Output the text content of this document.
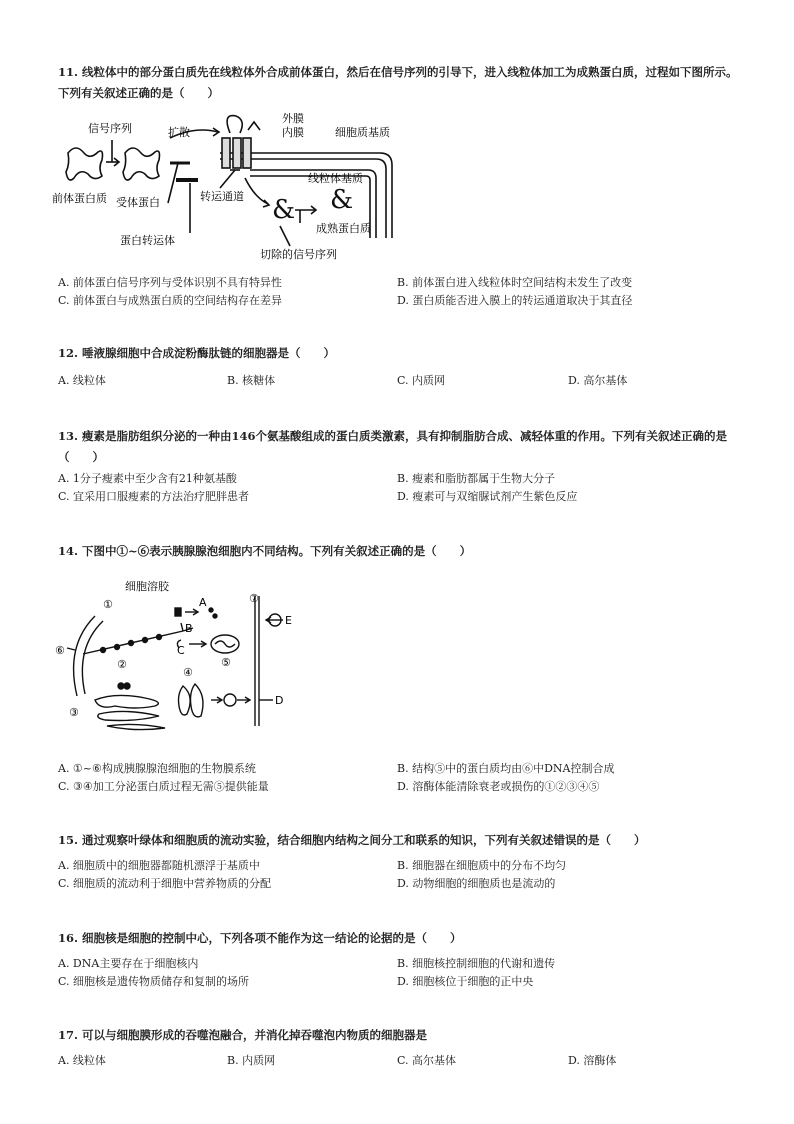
11. 线粒体中的部分蛋白质先在线粒体外合成前体蛋白，然后在信号序列的引导下，进入线粒体加工为成熟蛋白质，过程如下图所示。下列有关叙述正确的是（　　）
& &
信号序列	扩散
外膜
内膜	细胞质基质
前体蛋白质 受体蛋白	转运通道
线粒体基质
成熟蛋白质
蛋白转运体
切除的信号序列
A. 前体蛋白信号序列与受体识别不具有特异性	B. 前体蛋白进入线粒体时空间结构未发生了改变
C. 前体蛋白与成熟蛋白质的空间结构存在差异	D. 蛋白质能否进入膜上的转运通道取决于其直径
12. 唾液腺细胞中合成淀粉酶肽链的细胞器是（　　）
A. 线粒体	B. 核糖体	C. 内质网	D. 高尔基体
13. 瘦素是脂肪组织分泌的一种由146个氨基酸组成的蛋白质类激素，具有抑制脂肪合成、减轻体重的作用。下列有关叙述正确的是（　　）
A. 1分子瘦素中至少含有21种氨基酸	B. 瘦素和脂肪都属于生物大分子
C. 宜采用口服瘦素的方法治疗肥胖患者	D. 瘦素可与双缩脲试剂产生紫色反应
14. 下图中①~⑥表示胰腺腺泡细胞内不同结构。下列有关叙述正确的是（　　）
细胞溶胶
①	A	⑦
E
B
⑥	C
⑤
②
④
D
③
A. ①~⑥构成胰腺腺泡细胞的生物膜系统	B. 结构⑤中的蛋白质均由⑥中DNA控制合成
C. ③④加工分泌蛋白质过程无需⑤提供能量	D. 溶酶体能清除衰老或损伤的①②③④⑤
15. 通过观察叶绿体和细胞质的流动实验，结合细胞内结构之间分工和联系的知识，下列有关叙述错误的是（　　）
A. 细胞质中的细胞器都随机漂浮于基质中	B. 细胞器在细胞质中的分布不均匀
C. 细胞质的流动利于细胞中营养物质的分配	D. 动物细胞的细胞质也是流动的
16. 细胞核是细胞的控制中心，下列各项不能作为这一结论的论据的是（　　）
A. DNA主要存在于细胞核内	B. 细胞核控制细胞的代谢和遗传
C. 细胞核是遗传物质储存和复制的场所	D. 细胞核位于细胞的正中央
17. 可以与细胞膜形成的吞噬泡融合，并消化掉吞噬泡内物质的细胞器是
A. 线粒体	B. 内质网	C. 高尔基体	D. 溶酶体
